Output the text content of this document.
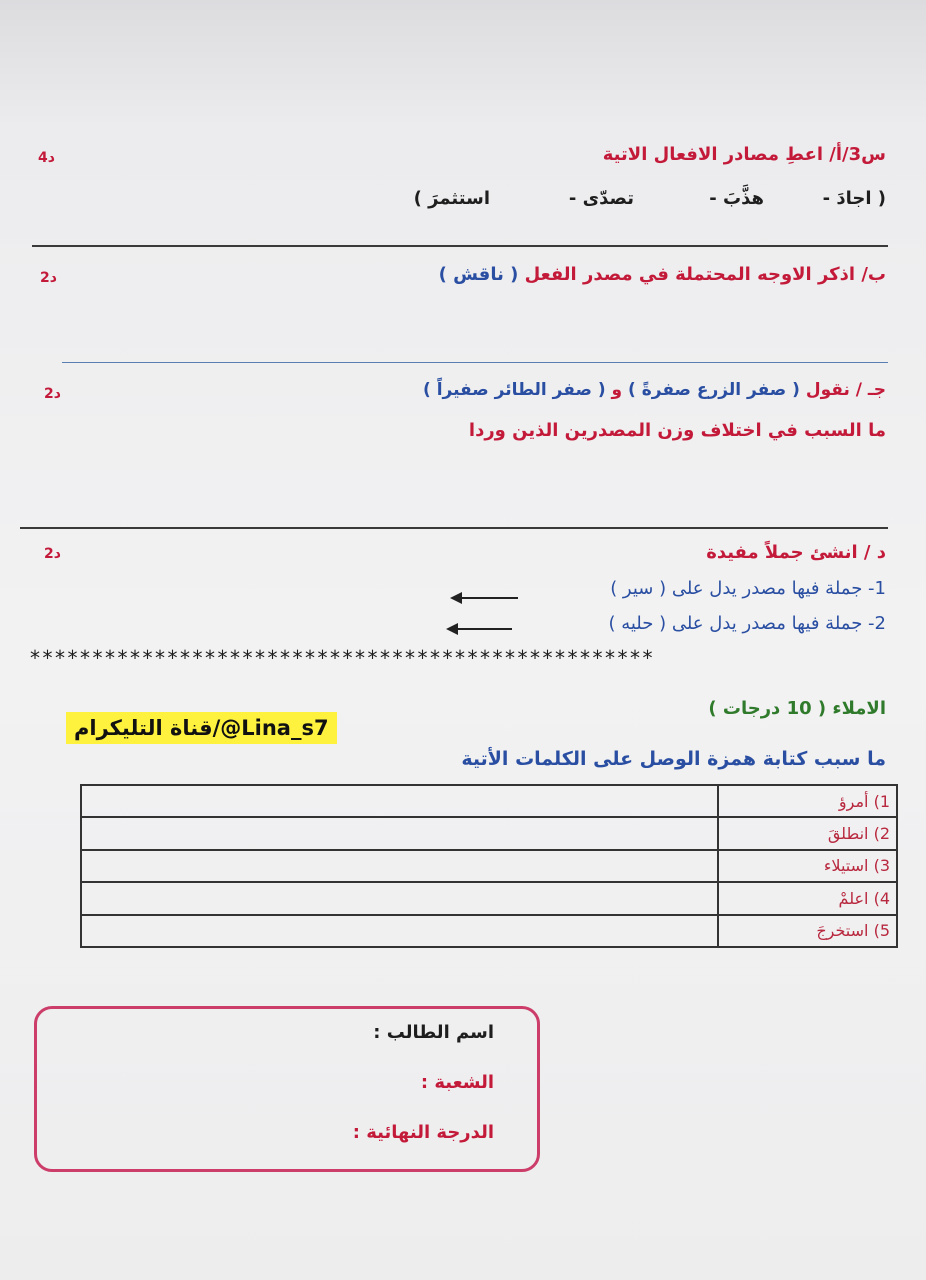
س3/أ/ اعطِ مصادر الافعال الاتية
4د
( اجادَ -
هذَّبَ -
تصدّى -
استثمرَ )
ب/ اذكر الاوجه المحتملة في مصدر الفعل ( ناقش )
2د
جـ / نقول ( صفر الزرع صفرةً ) و ( صفر الطائر صفيراً )
2د
ما السبب في اختلاف وزن المصدرين الذين وردا
د / انشئ جملاً مفيدة
2د
1- جملة فيها مصدر يدل على ( سير )
2- جملة فيها مصدر يدل على ( حليه )
**************************************************
الاملاء ( 10 درجات )
ما سبب كتابة همزة الوصل على الكلمات الأتية
1) أمرؤ	
2) انطلقَ	
3) استيلاء	
4) اعلمْ	
5) استخرجَ	
قناة التليكرام/@Lina_s7
اسم الطالب :
الشعبة :
الدرجة النهائية :
